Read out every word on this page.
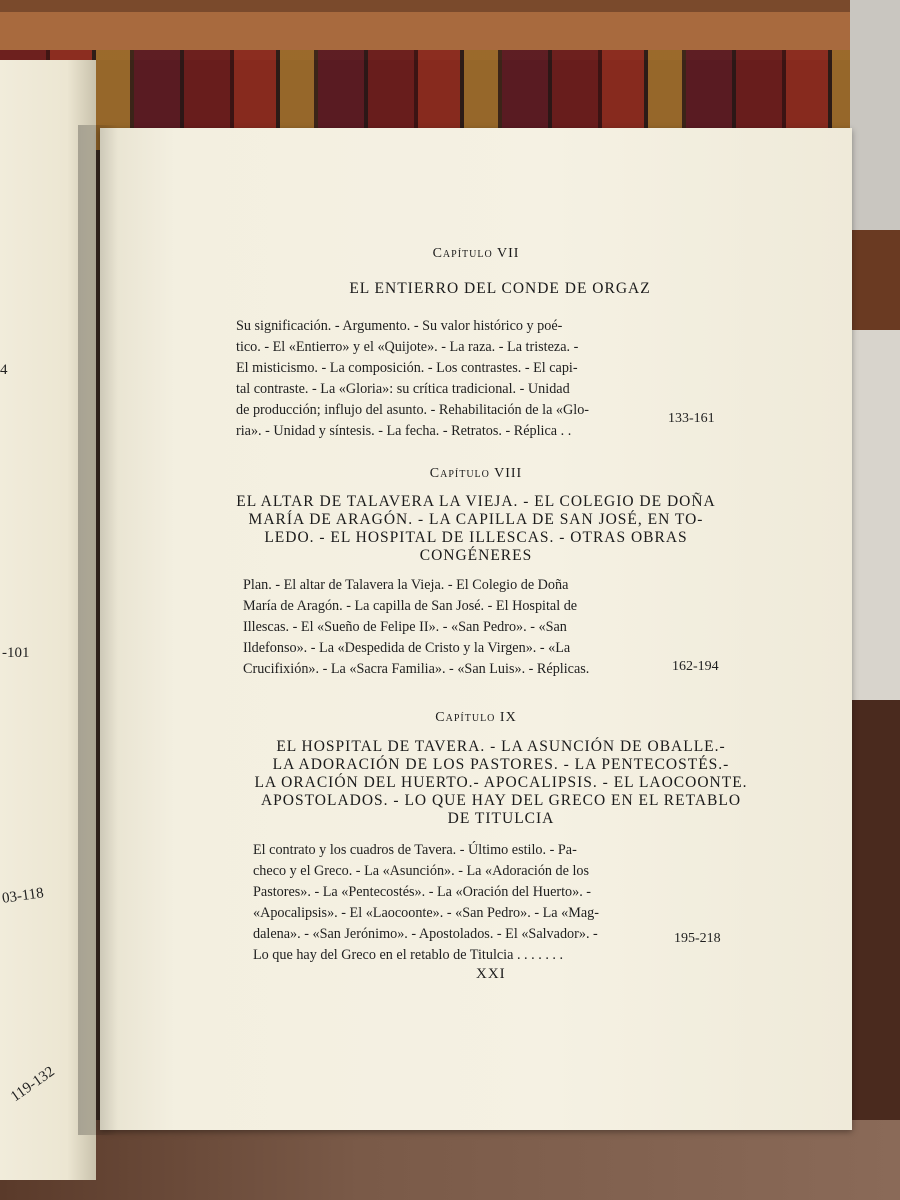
4
-101
03-118
119-132
Capítulo VII
EL ENTIERRO DEL CONDE DE ORGAZ
Su significación. - Argumento. - Su valor histórico y poé-
tico. - El «Entierro» y el «Quijote». - La raza. - La tristeza. -
El misticismo. - La composición. - Los contrastes. - El capi-
tal contraste. - La «Gloria»: su crítica tradicional. - Unidad
de producción; influjo del asunto. - Rehabilitación de la «Glo-
ria». - Unidad y síntesis. - La fecha. - Retratos. - Réplica . .
133-161
Capítulo VIII
EL ALTAR DE TALAVERA LA VIEJA. - EL COLEGIO DE DOÑA
MARÍA DE ARAGÓN. - LA CAPILLA DE SAN JOSÉ, EN TO-
LEDO. - EL HOSPITAL DE ILLESCAS. - OTRAS OBRAS
CONGÉNERES
Plan. - El altar de Talavera la Vieja. - El Colegio de Doña
María de Aragón. - La capilla de San José. - El Hospital de
Illescas. - El «Sueño de Felipe II». - «San Pedro». - «San
Ildefonso». - La «Despedida de Cristo y la Virgen». - «La
Crucifixión». - La «Sacra Familia». - «San Luis». - Réplicas.	162-194
Capítulo IX
EL HOSPITAL DE TAVERA. - LA ASUNCIÓN DE OBALLE.-
LA ADORACIÓN DE LOS PASTORES. - LA PENTECOSTÉS.-
LA ORACIÓN DEL HUERTO.- APOCALIPSIS. - EL LAOCOONTE.
APOSTOLADOS. - LO QUE HAY DEL GRECO EN EL RETABLO
DE TITULCIA
El contrato y los cuadros de Tavera. - Último estilo. - Pa-
checo y el Greco. - La «Asunción». - La «Adoración de los
Pastores». - La «Pentecostés». - La «Oración del Huerto». -
«Apocalipsis». - El «Laocoonte». - «San Pedro». - La «Mag-
dalena». - «San Jerónimo». - Apostolados. - El «Salvador». -
Lo que hay del Greco en el retablo de Titulcia . . . . . . .
195-218
XXI
